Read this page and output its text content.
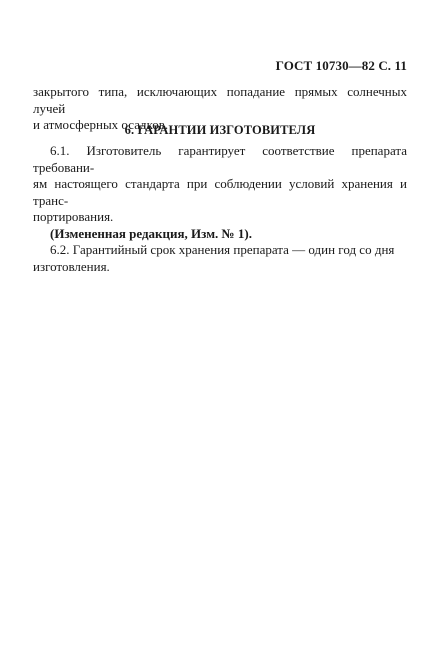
ГОСТ 10730—82 С. 11

закрытого типа, исключающих попадание прямых солнечных лучей

и атмосферных осадков.

6. ГАРАНТИИ ИЗГОТОВИТЕЛЯ

6.1. Изготовитель гарантирует соответствие препарата требовани-

ям настоящего стандарта при соблюдении условий хранения и транс-

портирования.

(Измененная редакция, Изм. № 1).

6.2. Гарантийный срок хранения препарата — один год со дня

изготовления.
